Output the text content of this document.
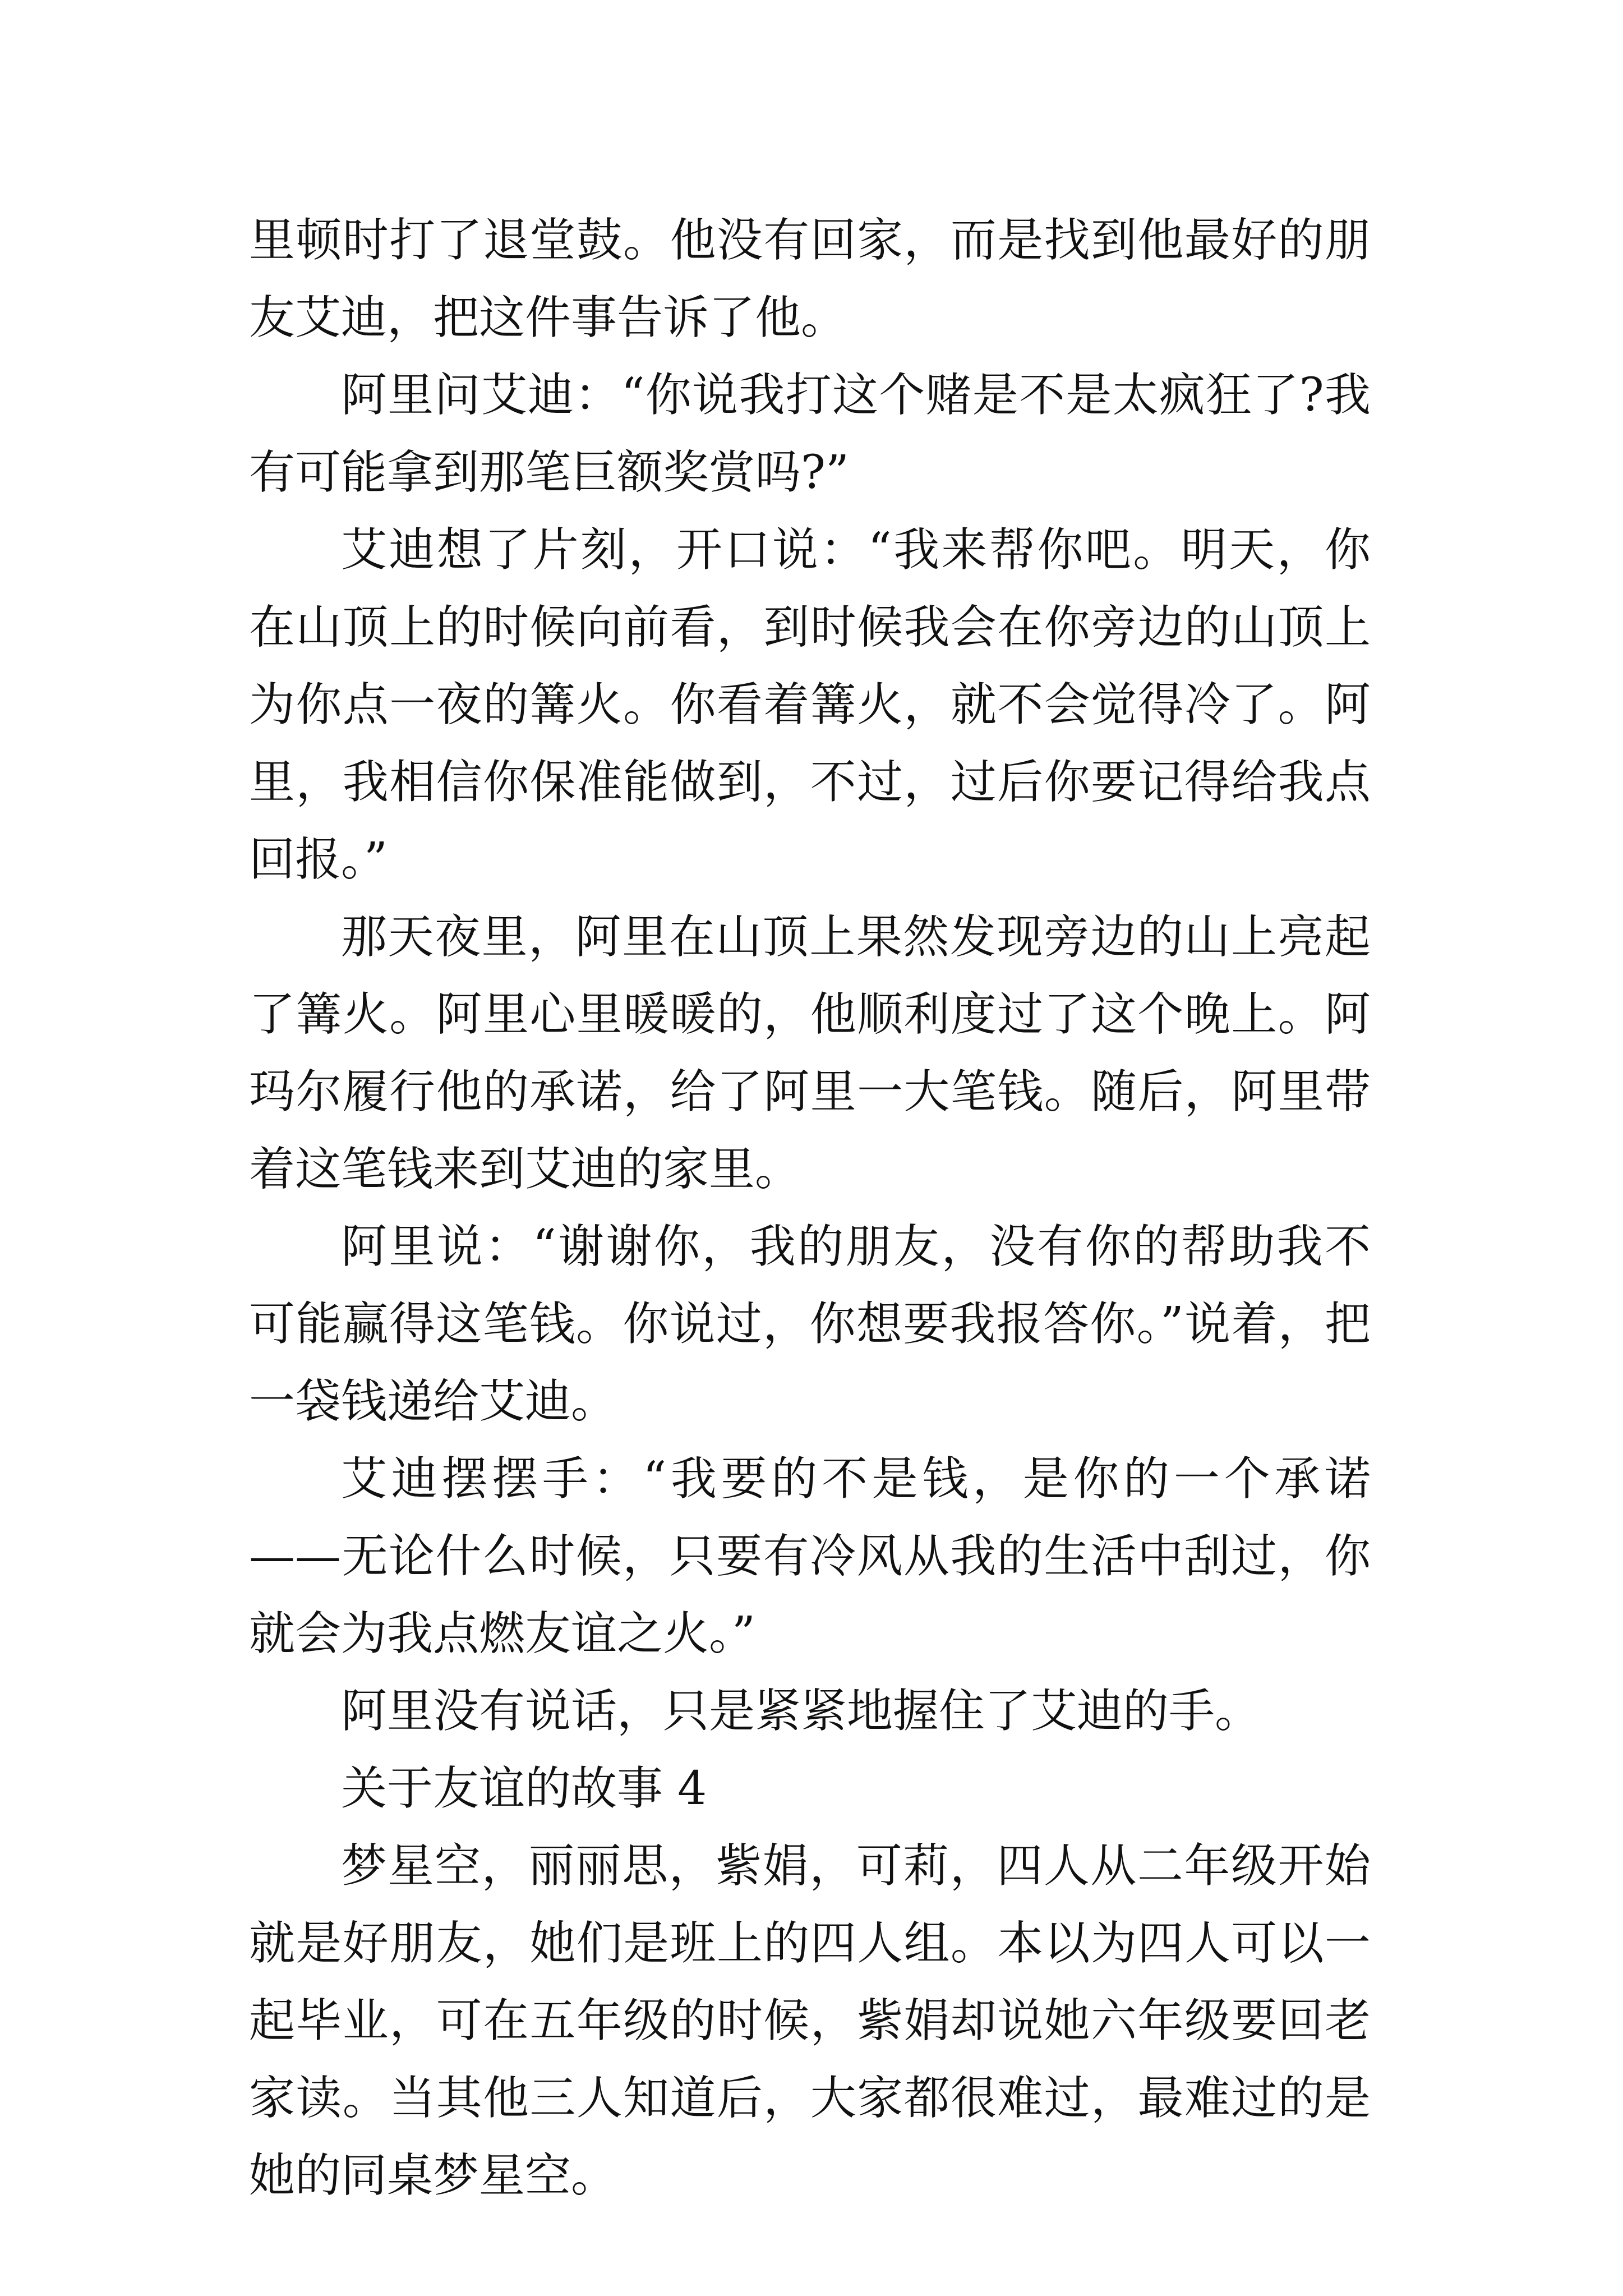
里顿时打了退堂鼓。他没有回家，而是找到他最好的朋友艾迪，把这件事告诉了他。

阿里问艾迪：“你说我打这个赌是不是太疯狂了?我有可能拿到那笔巨额奖赏吗?”

艾迪想了片刻，开口说：“我来帮你吧。明天，你在山顶上的时候向前看，到时候我会在你旁边的山顶上为你点一夜的篝火。你看着篝火，就不会觉得冷了。阿里，我相信你保准能做到，不过，过后你要记得给我点回报。”

那天夜里，阿里在山顶上果然发现旁边的山上亮起了篝火。阿里心里暖暖的，他顺利度过了这个晚上。阿玛尔履行他的承诺，给了阿里一大笔钱。随后，阿里带着这笔钱来到艾迪的家里。

阿里说：“谢谢你，我的朋友，没有你的帮助我不可能赢得这笔钱。你说过，你想要我报答你。”说着，把一袋钱递给艾迪。

艾迪摆摆手：“我要的不是钱，是你的一个承诺——无论什么时候，只要有冷风从我的生活中刮过，你就会为我点燃友谊之火。”

阿里没有说话，只是紧紧地握住了艾迪的手。

关于友谊的故事 4

梦星空，丽丽思，紫娟，可莉，四人从二年级开始就是好朋友，她们是班上的四人组。本以为四人可以一起毕业，可在五年级的时候，紫娟却说她六年级要回老家读。当其他三人知道后，大家都很难过，最难过的是她的同桌梦星空。
